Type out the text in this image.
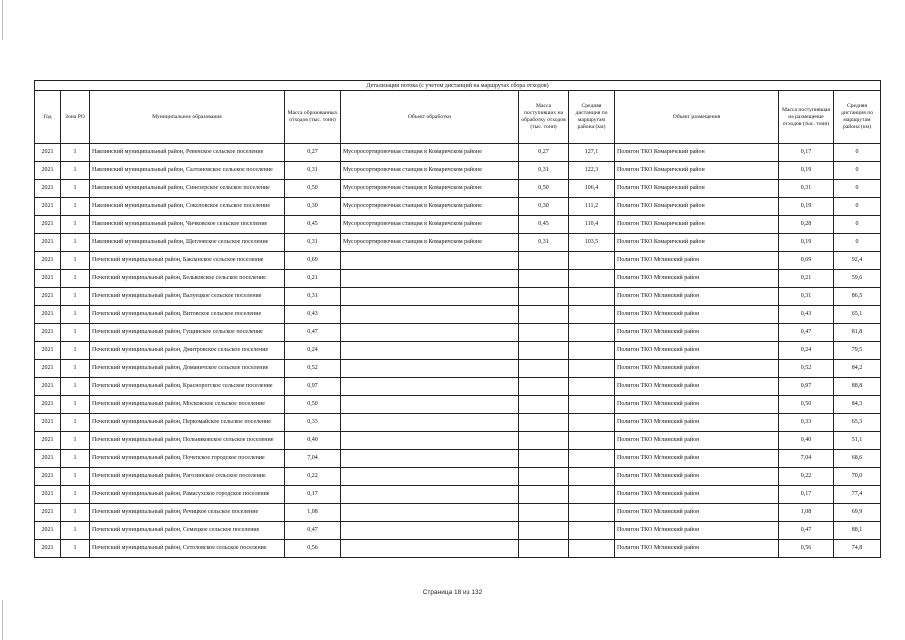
Детализация потока (с учетом дистанций на маршрутах сбора отходов)									
Год	Зона РО	Муниципальное образование	Масса образованных отходов (тыс. тонн)	Объект обработки	Масса поступивших на обработку отходов (тыс. тонн)	Средняя дистанция по маршрутам района (км)	Объект размещения	Масса поступившая на размещение отходов (тыс. тонн)	Средняя дистанция по маршрутам района (км)
2021	1	Навлинский муниципальный район, Ревенское сельское поселение	0,27	Мусоросортировочная станция в Комаричском районе	0,27	127,1	Полигон ТКО Комаричский район	0,17	0
2021	1	Навлинский муниципальный район, Салтановское сельское поселение	0,31	Мусоросортировочная станция в Комаричском районе	0,31	122,3	Полигон ТКО Комаричский район	0,19	0
2021	1	Навлинский муниципальный район, Синезерское сельское поселение	0,50	Мусоросортировочная станция в Комаричском районе	0,50	106,4	Полигон ТКО Комаричский район	0,31	0
2021	1	Навлинский муниципальный район, Соколовское сельское поселение	0,30	Мусоросортировочная станция в Комаричском районе	0,30	111,2	Полигон ТКО Комаричский район	0,19	0
2021	1	Навлинский муниципальный район, Чичковское сельское поселение	0,45	Мусоросортировочная станция в Комаричском районе	0,45	110,4	Полигон ТКО Комаричский район	0,28	0
2021	1	Навлинский муниципальный район, Щегловское сельское поселение	0,31	Мусоросортировочная станция в Комаричском районе	0,31	103,5	Полигон ТКО Комаричский район	0,19	0
2021	1	Почепский муниципальный район, Бакланское сельское поселение	0,69				Полигон ТКО Мглинский район	0,69	92,4
2021	1	Почепский муниципальный район, Бельковское сельское поселение	0,21				Полигон ТКО Мглинский район	0,21	59,6
2021	1	Почепский муниципальный район, Валуецкое сельское поселение	0,31				Полигон ТКО Мглинский район	0,31	86,5
2021	1	Почепский муниципальный район, Витовское сельское поселение	0,43				Полигон ТКО Мглинский район	0,43	65,1
2021	1	Почепский муниципальный район, Гущинское сельское поселение	0,47				Полигон ТКО Мглинский район	0,47	81,8
2021	1	Почепский муниципальный район, Дмитровское сельское поселение	0,24				Полигон ТКО Мглинский район	0,24	79,5
2021	1	Почепский муниципальный район, Доманичское сельское поселение	0,52				Полигон ТКО Мглинский район	0,52	84,2
2021	1	Почепский муниципальный район, Краснорогское сельское поселение	0,97				Полигон ТКО Мглинский район	0,97	88,8
2021	1	Почепский муниципальный район, Московское сельское поселение	0,50				Полигон ТКО Мглинский район	0,50	84,3
2021	1	Почепский муниципальный район, Первомайское сельское поселение	0,33				Полигон ТКО Мглинский район	0,33	65,3
2021	1	Почепский муниципальный район, Польниковское сельское поселение	0,40				Полигон ТКО Мглинский район	0,40	51,1
2021	1	Почепский муниципальный район, Почепское городское поселение	7,04				Полигон ТКО Мглинский район	7,04	68,6
2021	1	Почепский муниципальный район, Рагозинское сельское поселение	0,22				Полигон ТКО Мглинский район	0,22	70,0
2021	1	Почепский муниципальный район, Рамасухское городское поселение	0,17				Полигон ТКО Мглинский район	0,17	77,4
2021	1	Почепский муниципальный район, Речицкое сельское поселение	1,08				Полигон ТКО Мглинский район	1,08	69,9
2021	1	Почепский муниципальный район, Семецкое сельское поселение	0,47				Полигон ТКО Мглинский район	0,47	88,1
2021	1	Почепский муниципальный район, Сетоловское сельское поселение	0,56				Полигон ТКО Мглинский район	0,56	74,8
Страница 18 из 132
